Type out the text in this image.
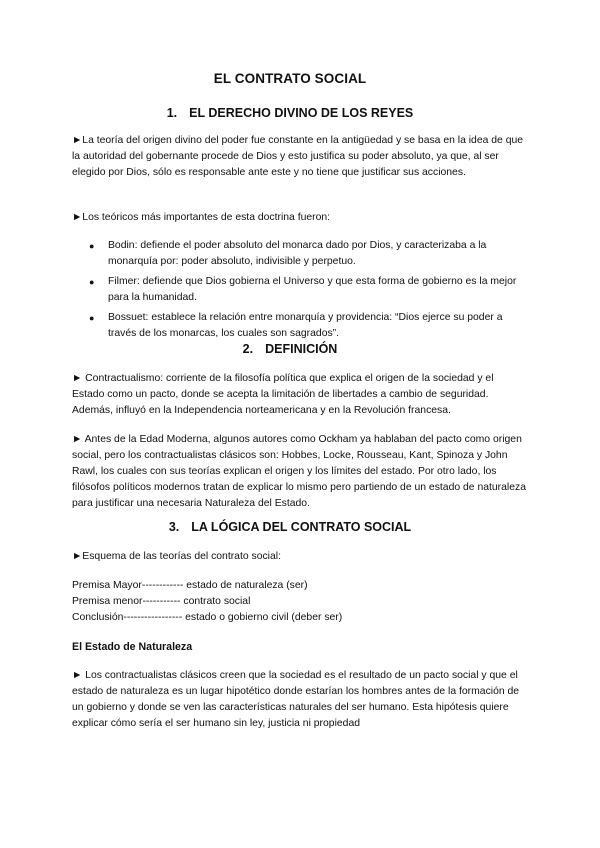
EL CONTRATO SOCIAL
1. EL DERECHO DIVINO DE LOS REYES

►La teoría del origen divino del poder fue constante en la antigüedad y se basa en la idea de que la autoridad del gobernante procede de Dios y esto justifica su poder absoluto, ya que, al ser elegido por Dios, sólo es responsable ante este y no tiene que justificar sus acciones.

►Los teóricos más importantes de esta doctrina fueron:

● Bodin: defiende el poder absoluto del monarca dado por Dios, y caracterizaba a la monarquía por: poder absoluto, indivisible y perpetuo.
● Filmer: defiende que Dios gobierna el Universo y que esta forma de gobierno es la mejor para la humanidad.
● Bossuet: establece la relación entre monarquía y providencia: “Dios ejerce su poder a través de los monarcas, los cuales son sagrados”.
2. DEFINICIÓN

► Contractualismo: corriente de la filosofía política que explica el origen de la sociedad y el Estado como un pacto, donde se acepta la limitación de libertades a cambio de seguridad. Además, influyó en la Independencia norteamericana y en la Revolución francesa.

► Antes de la Edad Moderna, algunos autores como Ockham ya hablaban del pacto como origen social, pero los contractualistas clásicos son: Hobbes, Locke, Rousseau, Kant, Spinoza y John Rawl, los cuales con sus teorías explican el origen y los límites del estado. Por otro lado, los filósofos políticos modernos tratan de explicar lo mismo pero partiendo de un estado de naturaleza para justificar una necesaria Naturaleza del Estado.

3. LA LÓGICA DEL CONTRATO SOCIAL

►Esquema de las teorías del contrato social:

Premisa Mayor------------ estado de naturaleza (ser)
Premisa menor----------- contrato social
Conclusión----------------- estado o gobierno civil (deber ser)
El Estado de Naturaleza

► Los contractualistas clásicos creen que la sociedad es el resultado de un pacto social y que el estado de naturaleza es un lugar hipotético donde estarían los hombres antes de la formación de un gobierno y donde se ven las características naturales del ser humano. Esta hipótesis quiere explicar cómo sería el ser humano sin ley, justicia ni propiedad
